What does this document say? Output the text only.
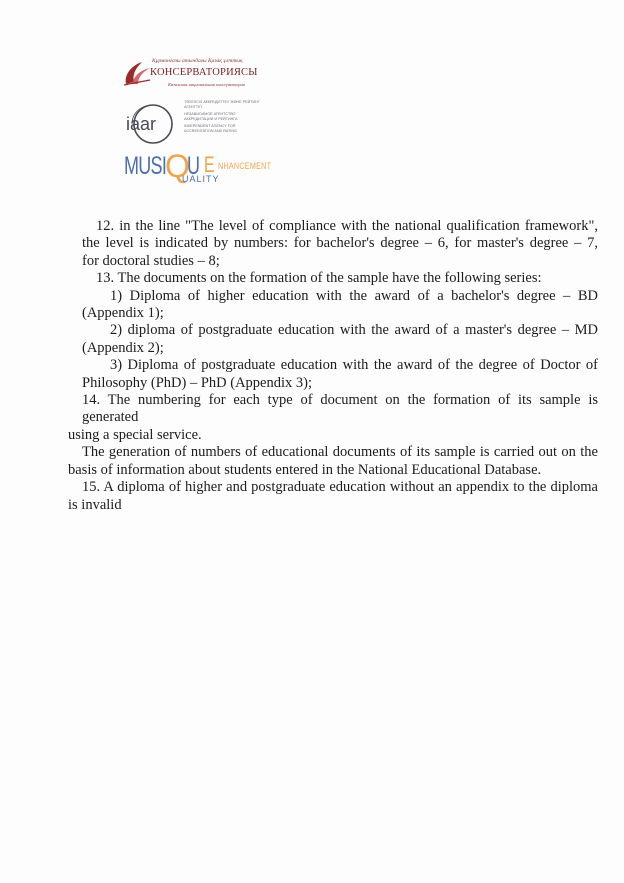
Құрманғазы атындағы Қазақ ұлттық
КОНСЕРВАТОРИЯСЫ
Казахская национальная консерватория
iaar
ТӘУЕЛСІЗ АККРЕДИТТЕУ ЖӘНЕ РЕЙТИНГ
АГЕНТТІГІ
НЕЗАВИСИМОЕ АГЕНТСТВО
АККРЕДИТАЦИИ И РЕЙТИНГА
INDEPENDENT AGENCY FOR
ACCREDITATION AND RATING
MUSI
Q
U E NHANCEMENT
UALITY

12. in the line "The level of compliance with the national qualification framework",

the level is indicated by numbers: for bachelor's degree – 6, for master's degree – 7,

for doctoral studies – 8;

13. The documents on the formation of the sample have the following series:

1) Diploma of higher education with the award of a bachelor's degree – BD

(Appendix 1);

2) diploma of postgraduate education with the award of a master's degree – MD

(Appendix 2);

3) Diploma of postgraduate education with the award of the degree of Doctor of

Philosophy (PhD) – PhD (Appendix 3);

14. The numbering for each type of document on the formation of its sample is generated

using a special service.

The generation of numbers of educational documents of its sample is carried out on the

basis of information about students entered in the National Educational Database.

15. A diploma of higher and postgraduate education without an appendix to the diploma

is invalid
